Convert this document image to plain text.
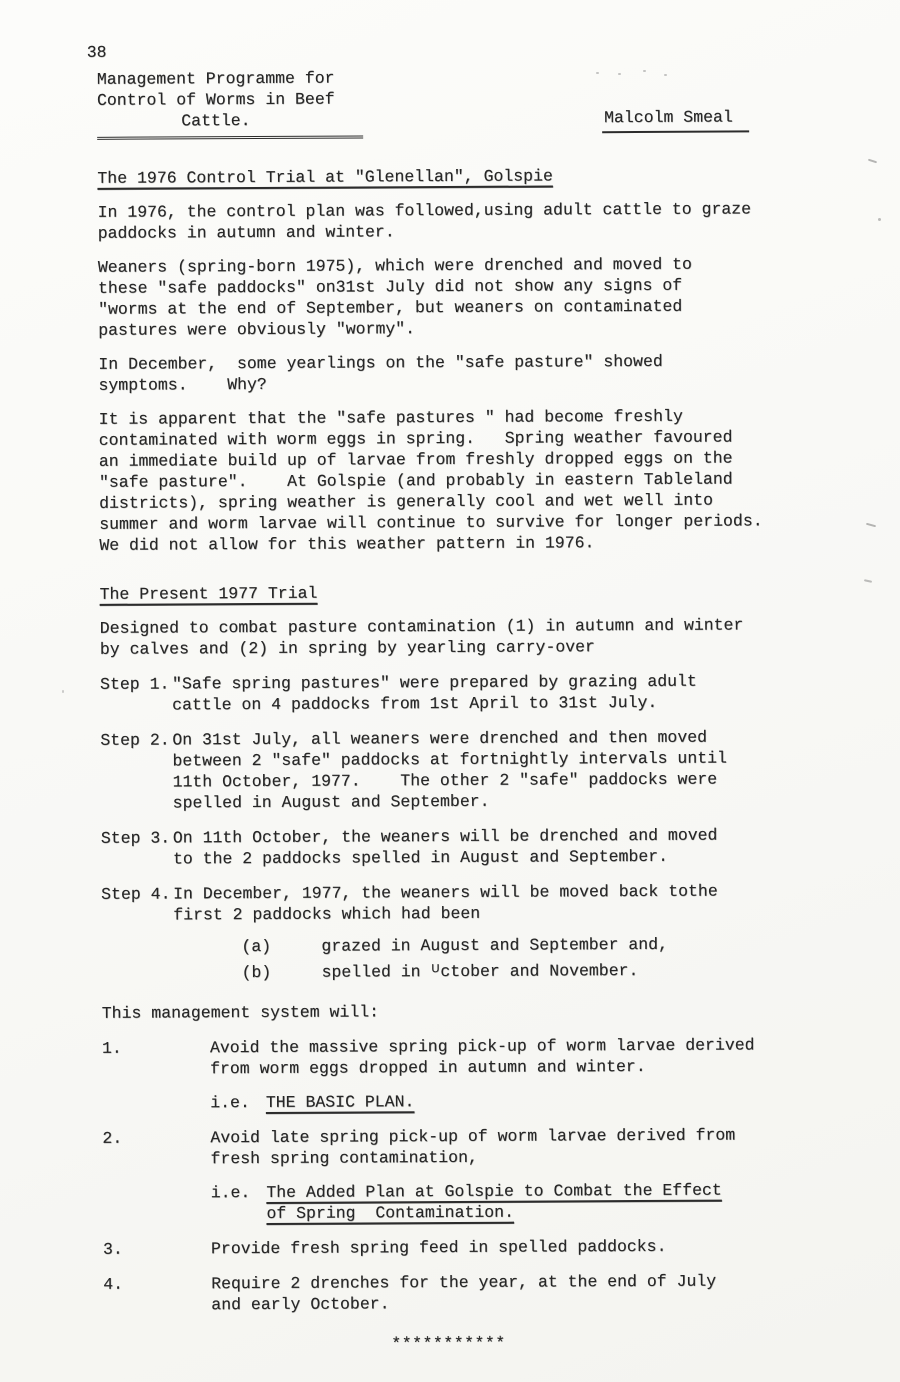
38
Management Programme for
Control of Worms in Beef
Cattle.	Malcolm Smeal
The 1976 Control Trial at "Glenellan", Golspie

In 1976, the control plan was followed,using adult cattle to graze
paddocks in autumn and winter.

Weaners (spring-born 1975), which were drenched and moved to
these "safe paddocks" on31st July did not show any signs of
"worms at the end of September, but weaners on contaminated
pastures were obviously "wormy".

In December,  some yearlings on the "safe pasture" showed
symptoms.    Why?

It is apparent that the "safe pastures " had become freshly
contaminated with worm eggs in spring.   Spring weather favoured
an immediate build up of larvae from freshly dropped eggs on the
"safe pasture".    At Golspie (and probably in eastern Tableland
districts), spring weather is generally cool and wet well into
summer and worm larvae will continue to survive for longer periods.
We did not allow for this weather pattern in 1976.

The Present 1977 Trial

Designed to combat pasture contamination (1) in autumn and winter
by calves and (2) in spring by yearling carry-over

Step 1. "Safe spring pastures" were prepared by grazing adult
cattle on 4 paddocks from 1st April to 31st July.
Step 2. On 31st July, all weaners were drenched and then moved
between 2 "safe" paddocks at fortnightly intervals until
11th October, 1977.    The other 2 "safe" paddocks were
spelled in August and September.
Step 3. On 11th October, the weaners will be drenched and moved
to the 2 paddocks spelled in August and September.
Step 4. In December, 1977, the weaners will be moved back tothe
first 2 paddocks which had been
(a)	grazed in August and September and,
(b)	spelled in ᵁctober and November.

This management system will:

1.	Avoid the massive spring pick-up of worm larvae derived
from worm eggs dropped in autumn and winter.
i.e. THE BASIC PLAN.
2.	Avoid late spring pick-up of worm larvae derived from
fresh spring contamination,
i.e. The Added Plan at Golspie to Combat the Effect
of Spring  Contamination.
3.	Provide fresh spring feed in spelled paddocks.
4.	Require 2 drenches for the year, at the end of July
and early October.
***********
